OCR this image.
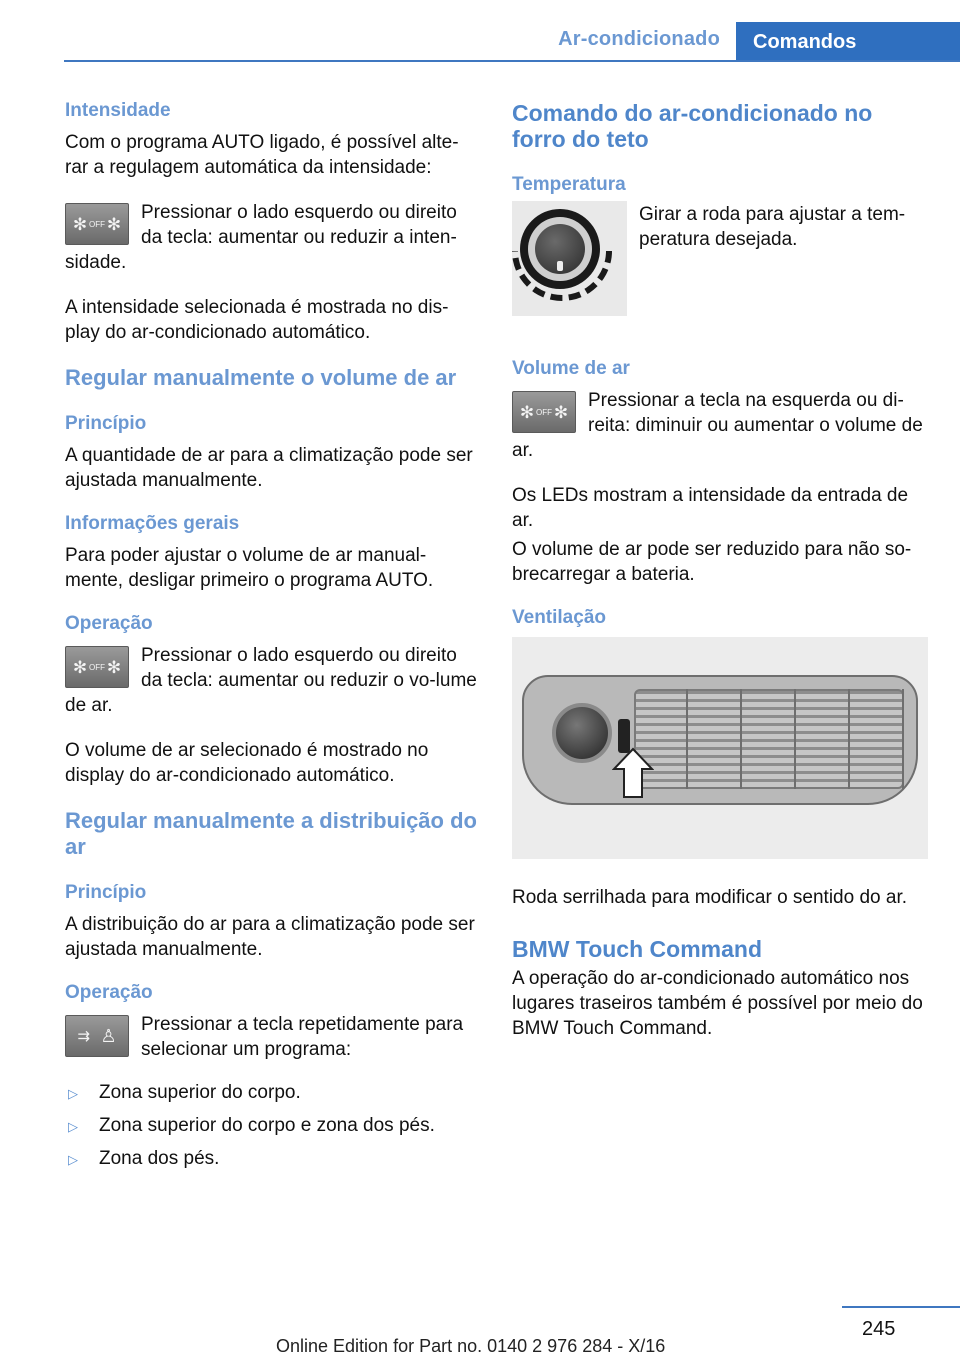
Ar-condicionado	Comandos
Intensidade

Com o programa AUTO ligado, é possível alte-rar a regulagem automática da intensidade:

✻ OFF ✻

Pressionar o lado esquerdo ou direito da tecla: aumentar ou reduzir a inten-sidade.

A intensidade selecionada é mostrada no dis-play do ar-condicionado automático.

Regular manualmente o volume de ar
Princípio

A quantidade de ar para a climatização pode ser ajustada manualmente.

Informações gerais

Para poder ajustar o volume de ar manual-mente, desligar primeiro o programa AUTO.

Operação
✻ OFF ✻

Pressionar o lado esquerdo ou direito da tecla: aumentar ou reduzir o vo-lume de ar.

O volume de ar selecionado é mostrado no display do ar-condicionado automático.

Regular manualmente a distribuição do ar
Princípio

A distribuição do ar para a climatização pode ser ajustada manualmente.

Operação
⇉ ♙

Pressionar a tecla repetidamente para selecionar um programa:

▷ Zona superior do corpo.
▷ Zona superior do corpo e zona dos pés.
▷ Zona dos pés.
Comando do ar-condicionado no forro do teto
Temperatura

Girar a roda para ajustar a tem-peratura desejada.

Volume de ar
✻ OFF ✻

Pressionar a tecla na esquerda ou di-reita: diminuir ou aumentar o volume de ar.

Os LEDs mostram a intensidade da entrada de ar.

O volume de ar pode ser reduzido para não so-brecarregar a bateria.

Ventilação

Roda serrilhada para modificar o sentido do ar.

BMW Touch Command

A operação do ar-condicionado automático nos lugares traseiros também é possível por meio do BMW Touch Command.

245
Online Edition for Part no. 0140 2 976 284 - X/16
